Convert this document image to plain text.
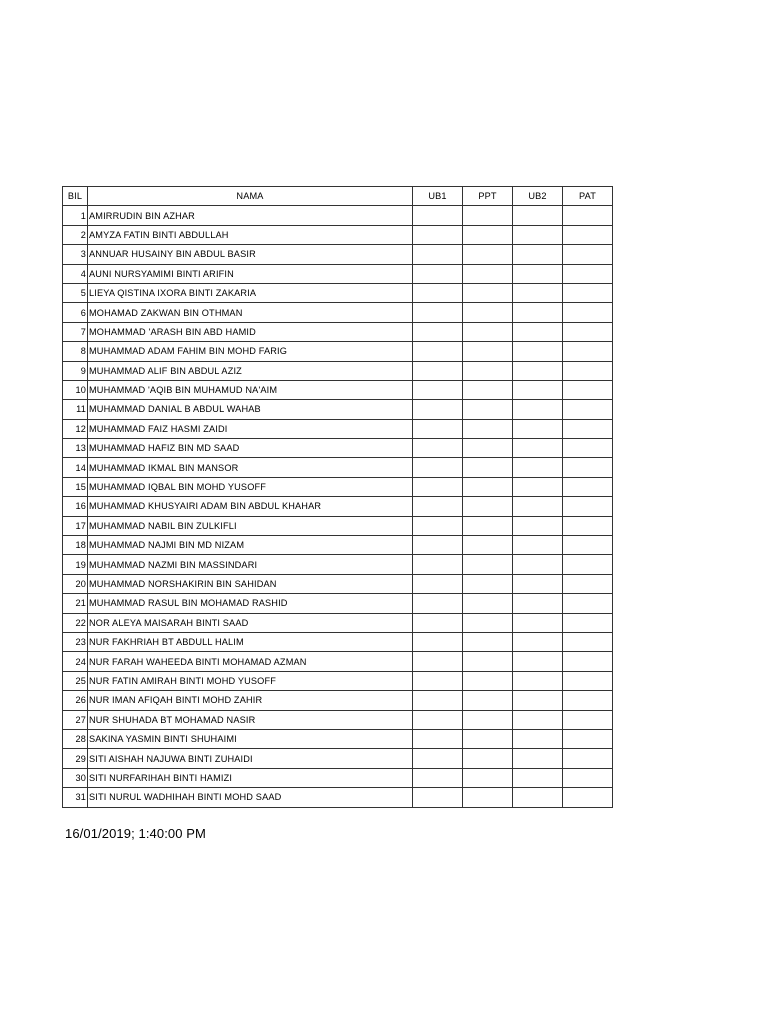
BIL	NAMA	UB1	PPT	UB2	PAT
1	AMIRRUDIN BIN AZHAR				
2	AMYZA FATIN BINTI ABDULLAH				
3	ANNUAR HUSAINY BIN ABDUL BASIR				
4	AUNI NURSYAMIMI BINTI ARIFIN				
5	LIEYA QISTINA IXORA BINTI ZAKARIA				
6	MOHAMAD ZAKWAN BIN OTHMAN				
7	MOHAMMAD 'ARASH BIN ABD HAMID				
8	MUHAMMAD ADAM FAHIM BIN MOHD FARIG				
9	MUHAMMAD ALIF BIN ABDUL AZIZ				
10	MUHAMMAD 'AQIB BIN MUHAMUD NA'AIM				
11	MUHAMMAD DANIAL B ABDUL WAHAB				
12	MUHAMMAD FAIZ HASMI ZAIDI				
13	MUHAMMAD HAFIZ BIN MD SAAD				
14	MUHAMMAD IKMAL BIN MANSOR				
15	MUHAMMAD IQBAL BIN MOHD YUSOFF				
16	MUHAMMAD KHUSYAIRI ADAM BIN ABDUL KHAHAR				
17	MUHAMMAD NABIL BIN ZULKIFLI				
18	MUHAMMAD NAJMI BIN MD NIZAM				
19	MUHAMMAD NAZMI BIN MASSINDARI				
20	MUHAMMAD NORSHAKIRIN BIN SAHIDAN				
21	MUHAMMAD RASUL BIN MOHAMAD RASHID				
22	NOR ALEYA MAISARAH BINTI SAAD				
23	NUR FAKHRIAH BT ABDULL HALIM				
24	NUR FARAH WAHEEDA BINTI MOHAMAD AZMAN				
25	NUR FATIN AMIRAH BINTI MOHD YUSOFF				
26	NUR IMAN AFIQAH BINTI MOHD ZAHIR				
27	NUR SHUHADA BT MOHAMAD NASIR				
28	SAKINA YASMIN BINTI SHUHAIMI				
29	SITI AISHAH NAJUWA BINTI ZUHAIDI				
30	SITI NURFARIHAH BINTI HAMIZI				
31	SITI NURUL WADHIHAH BINTI MOHD SAAD				
16/01/2019; 1:40:00 PM
